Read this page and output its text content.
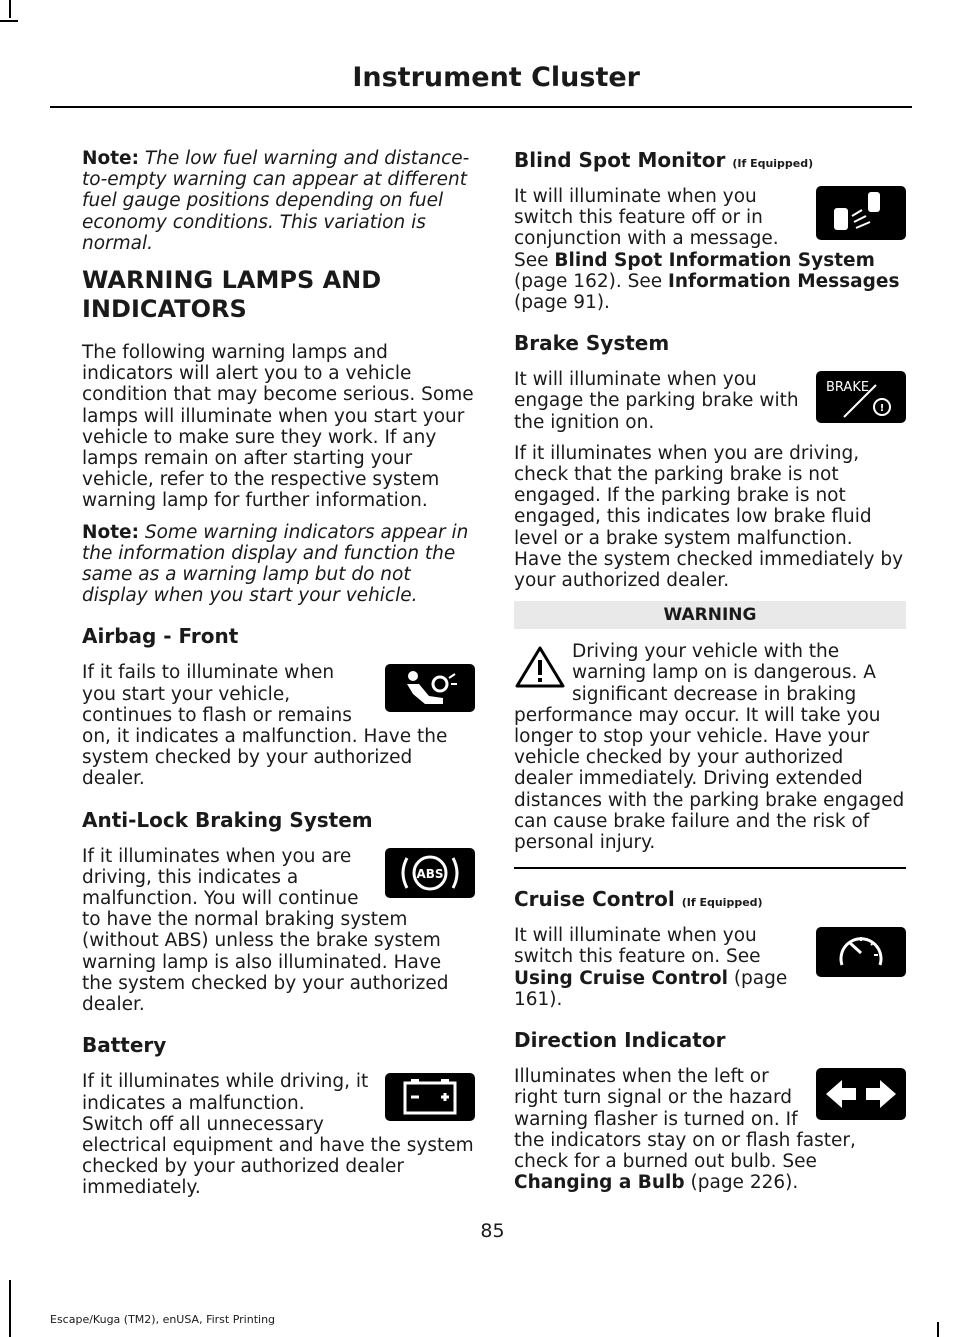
Instrument Cluster

Note: The low fuel warning and distance-to-empty warning can appear at different fuel gauge positions depending on fuel economy conditions. This variation is normal.

WARNING LAMPS AND
INDICATORS

The following warning lamps and indicators will alert you to a vehicle condition that may become serious. Some lamps will illuminate when you start your vehicle to make sure they work. If any lamps remain on after starting your vehicle, refer to the respective system warning lamp for further information.

Note: Some warning indicators appear in the information display and function the same as a warning lamp but do not display when you start your vehicle.

Airbag - Front

If it fails to illuminate when you start your vehicle, continues to flash or remains on, it indicates a malfunction. Have the system checked by your authorized dealer.

Anti-Lock Braking System
ABS

If it illuminates when you are driving, this indicates a malfunction. You will continue to have the normal braking system (without ABS) unless the brake system warning lamp is also illuminated. Have the system checked by your authorized dealer.

Battery

If it illuminates while driving, it indicates a malfunction. Switch off all unnecessary electrical equipment and have the system checked by your authorized dealer immediately.

Blind Spot Monitor (If Equipped)

It will illuminate when you switch this feature off or in conjunction with a message. See Blind Spot Information System (page 162). See Information Messages (page 91).

Brake System
BRAKE
!

It will illuminate when you engage the parking brake with the ignition on.

If it illuminates when you are driving, check that the parking brake is not engaged. If the parking brake is not engaged, this indicates low brake fluid level or a brake system malfunction. Have the system checked immediately by your authorized dealer.

WARNING

Driving your vehicle with the warning lamp on is dangerous. A significant decrease in braking performance may occur. It will take you longer to stop your vehicle. Have your vehicle checked by your authorized dealer immediately. Driving extended distances with the parking brake engaged can cause brake failure and the risk of personal injury.

Cruise Control (If Equipped)

It will illuminate when you switch this feature on. See Using Cruise Control (page 161).

Direction Indicator

Illuminates when the left or right turn signal or the hazard warning flasher is turned on. If the indicators stay on or flash faster, check for a burned out bulb. See Changing a Bulb (page 226).

85
Escape/Kuga (TM2), enUSA, First Printing
